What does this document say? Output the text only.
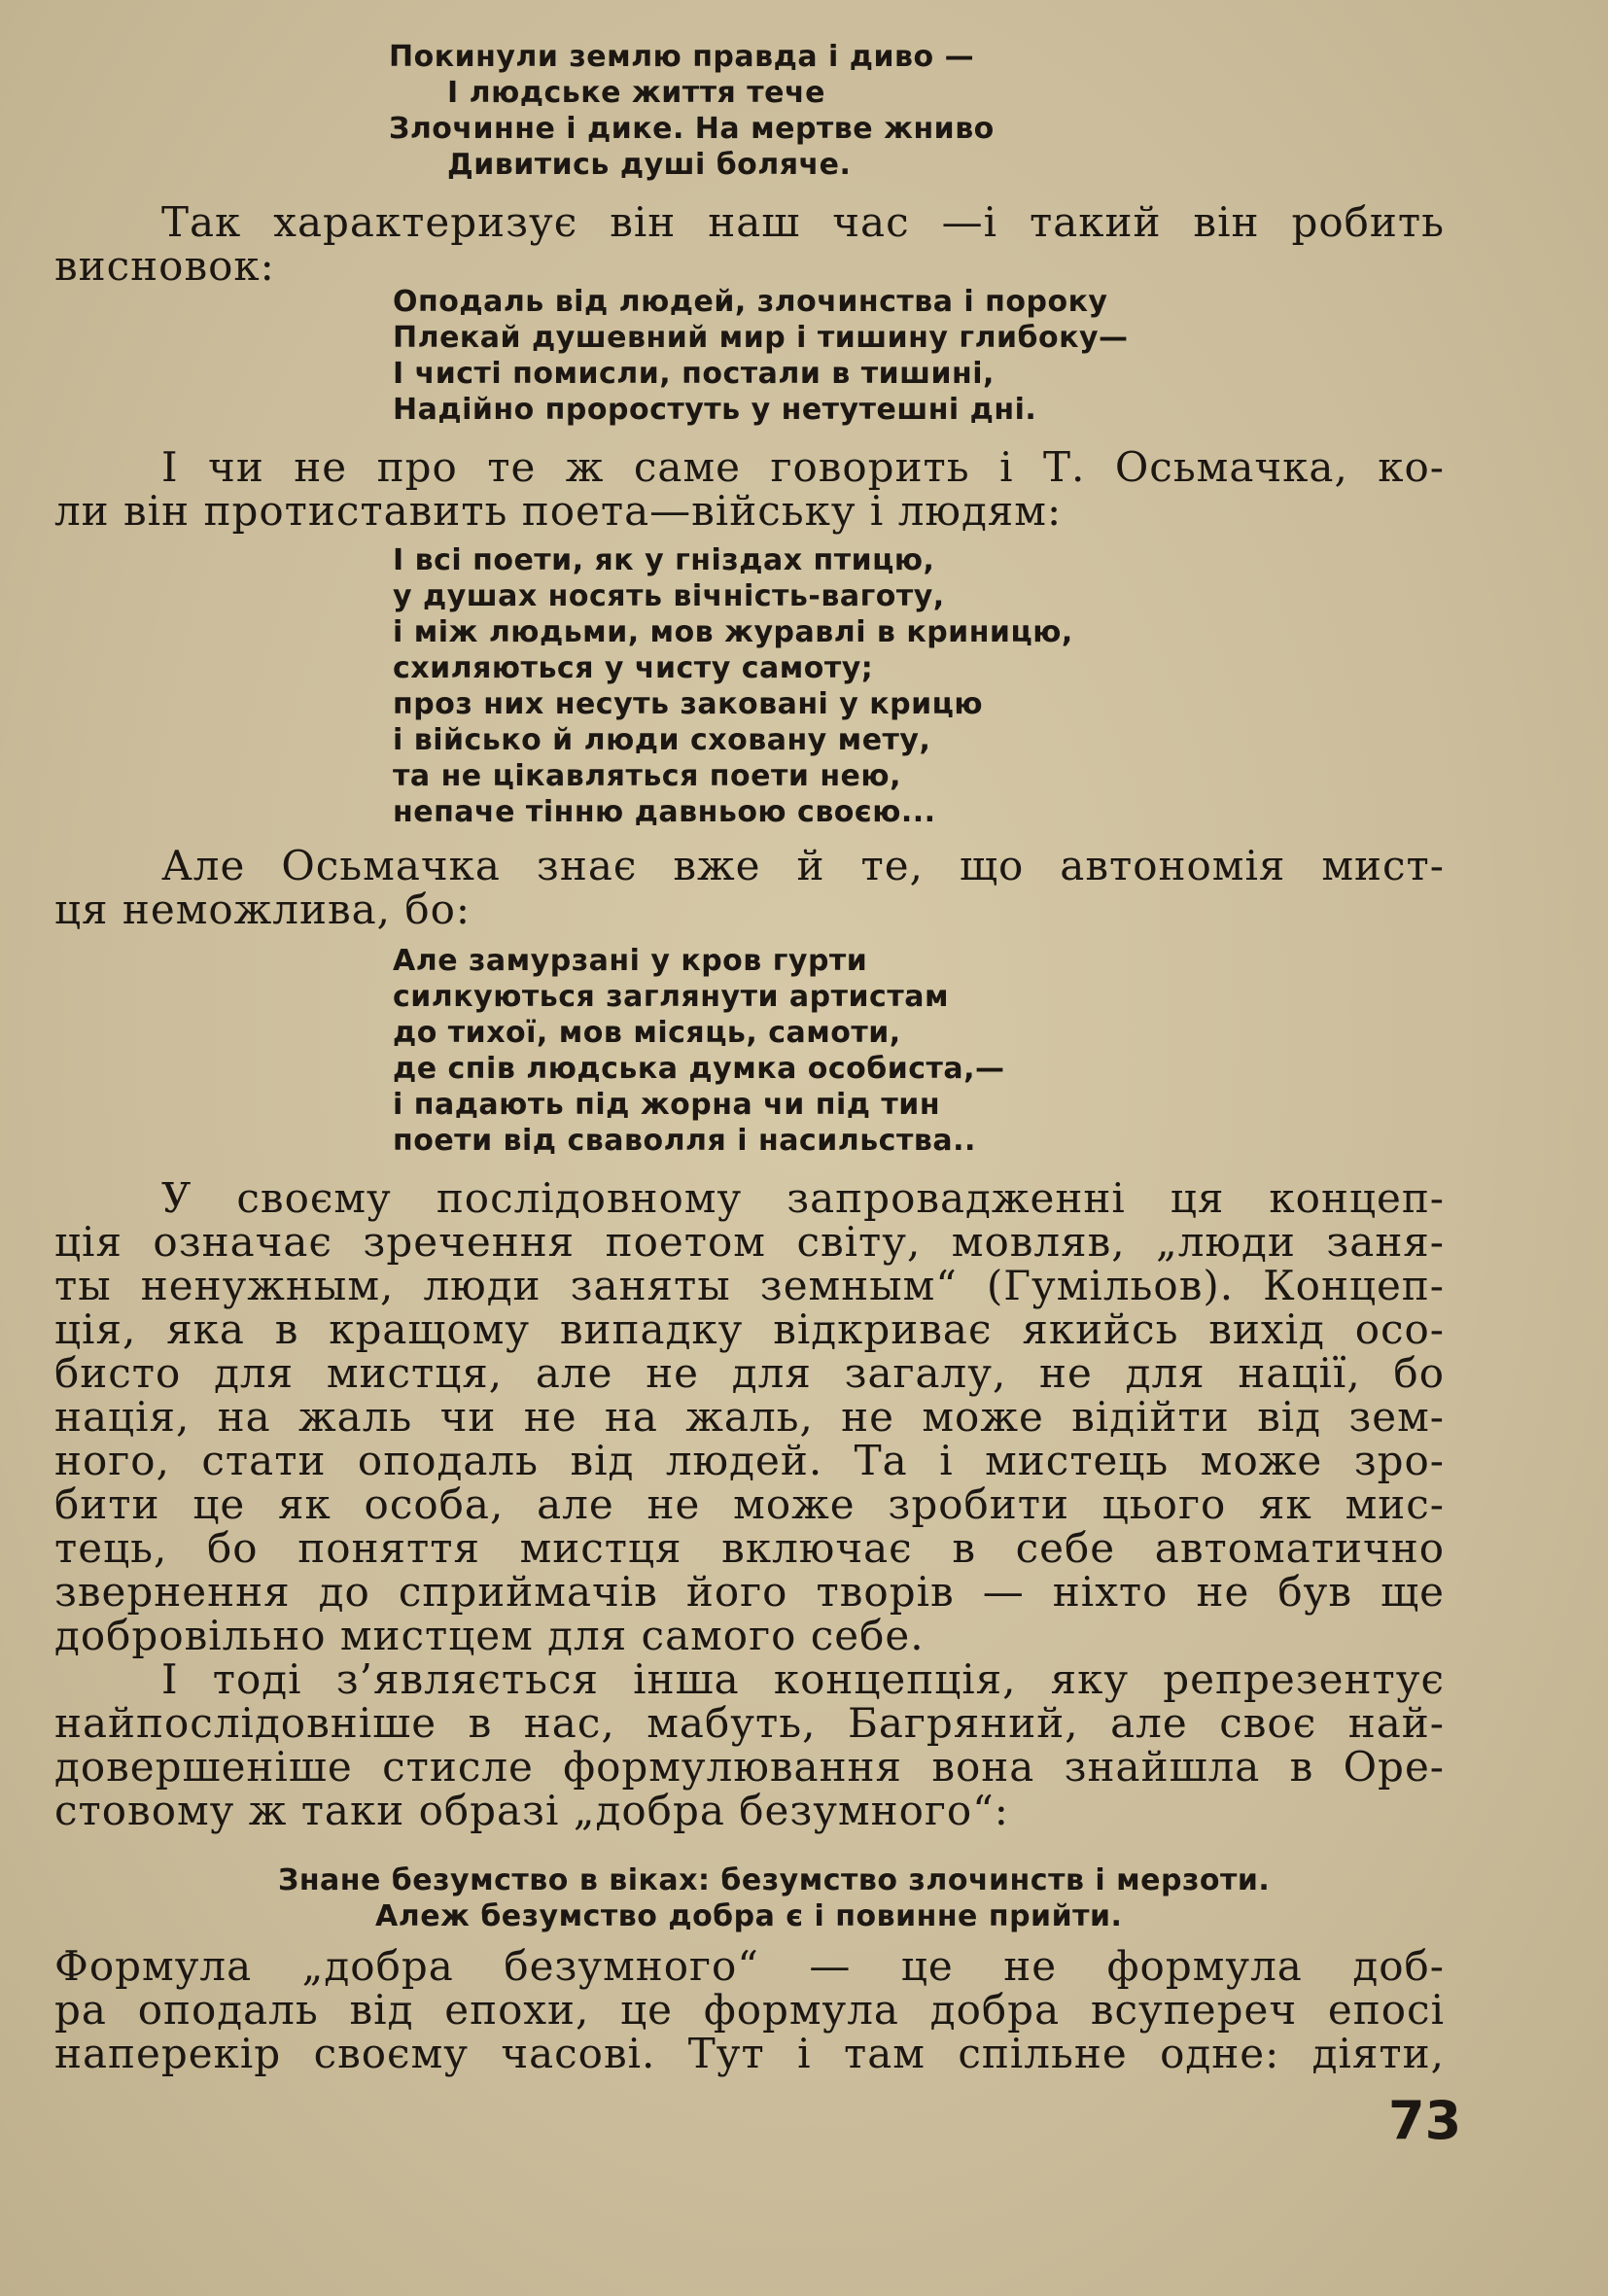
Покинули землю правда і диво —
І людське життя тече
Злочинне і дике. На мертве жниво
Дивитись душі боляче.
Так характеризує він наш час —і такий він робить
висновок:
Оподаль від людей, злочинства і пороку
Плекай душевний мир і тишину глибоку—
І чисті помисли, постали в тишині,
Надійно проростуть у нетутешні дні.
І чи не про те ж саме говорить і Т. Осьмачка, ко-
ли він протиставить поета—війську і людям:
І всі поети, як у гніздах птицю,
у душах носять вічність-ваготу,
і між людьми, мов журавлі в криницю,
схиляються у чисту самоту;
проз них несуть заковані у крицю
і військо й люди сховану мету,
та не цікавляться поети нею,
непаче тінню давньою своєю...
Але Осьмачка знає вже й те, що автономія мист-
ця неможлива, бо:
Але замурзані у кров гурти
силкуються заглянути артистам
до тихої, мов місяць, самоти,
де спів людська думка особиста,—
і падають під жорна чи під тин
поети від сваволля і насильства..
У своєму послідовному запровадженні ця концеп-
ція означає зречення поетом світу, мовляв, „люди заня-
ты ненужным, люди заняты земным“ (Гумільов). Концеп-
ція, яка в кращому випадку відкриває якийсь вихід осо-
бисто для мистця, але не для загалу, не для нації, бо
нація, на жаль чи не на жаль, не може відійти від зем-
ного, стати оподаль від людей. Та і мистець може зро-
бити це як особа, але не може зробити цього як мис-
тець, бо поняття мистця включає в себе автоматично
звернення до сприймачів його творів — ніхто не був ще
добровільно мистцем для самого себе.
І тоді з’являється інша концепція, яку репрезентує
найпослідовніше в нас, мабуть, Багряний, але своє най-
довершеніше стисле формулювання вона знайшла в Оре-
стовому ж таки образі „добра безумного“:
Знане безумство в віках: безумство злочинств і мерзоти.
Алеж безумство добра є і повинне прийти.
Формула „добра безумного“ — це не формула доб-
ра оподаль від епохи, це формула добра всупереч епосі
наперекір своєму часові. Тут і там спільне одне: діяти,
73
